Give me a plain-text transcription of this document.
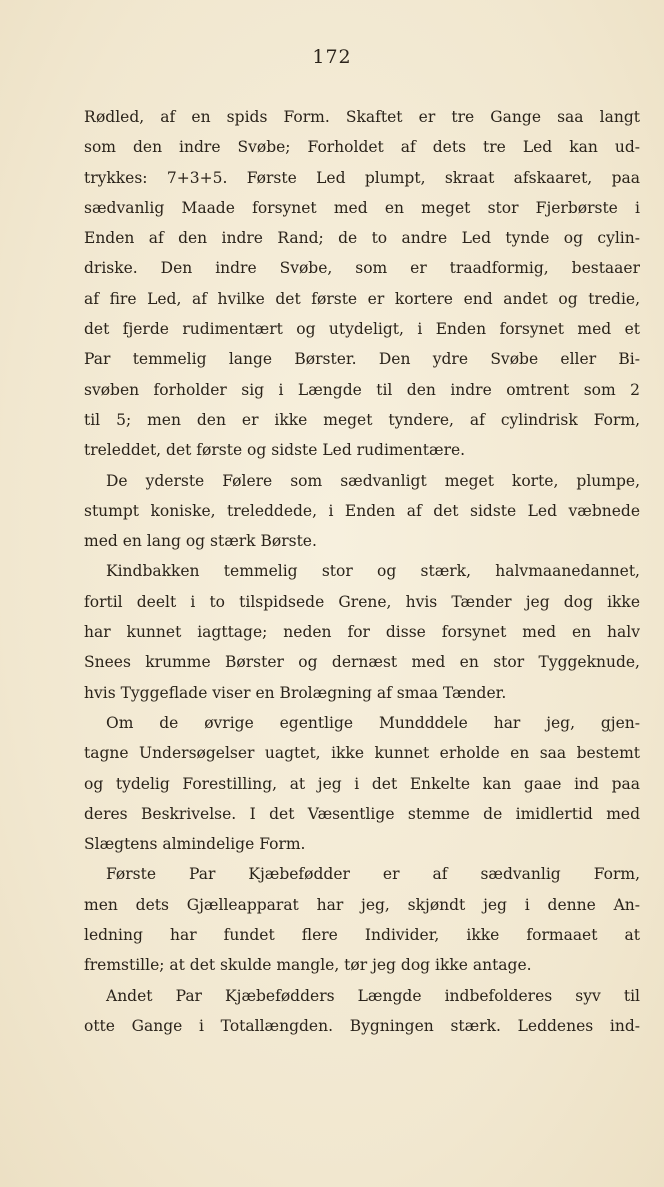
172
Rødled, af en spids Form. Skaftet er tre Gange saa langt
som den indre Svøbe; Forholdet af dets tre Led kan ud-
trykkes: 7+3+5. Første Led plumpt, skraat afskaaret, paa
sædvanlig Maade forsynet med en meget stor Fjerbørste i
Enden af den indre Rand; de to andre Led tynde og cylin-
driske. Den indre Svøbe, som er traadformig, bestaaer
af fire Led, af hvilke det første er kortere end andet og tredie,
det fjerde rudimentært og utydeligt, i Enden forsynet med et
Par temmelig lange Børster. Den ydre Svøbe eller Bi-
svøben forholder sig i Længde til den indre omtrent som 2
til 5; men den er ikke meget tyndere, af cylindrisk Form,
treleddet, det første og sidste Led rudimentære.
De yderste Følere som sædvanligt meget korte, plumpe,
stumpt koniske, treleddede, i Enden af det sidste Led væbnede
med en lang og stærk Børste.
Kindbakken temmelig stor og stærk, halvmaanedannet,
fortil deelt i to tilspidsede Grene, hvis Tænder jeg dog ikke
har kunnet iagttage; neden for disse forsynet med en halv
Snees krumme Børster og dernæst med en stor Tyggeknude,
hvis Tyggeflade viser en Brolægning af smaa Tænder.
Om de øvrige egentlige Mundddele har jeg, gjen-
tagne Undersøgelser uagtet, ikke kunnet erholde en saa bestemt
og tydelig Forestilling, at jeg i det Enkelte kan gaae ind paa
deres Beskrivelse. I det Væsentlige stemme de imidlertid med
Slægtens almindelige Form.
Første Par Kjæbefødder er af sædvanlig Form,
men dets Gjælleapparat har jeg, skjøndt jeg i denne An-
ledning har fundet flere Individer, ikke formaaet at
fremstille; at det skulde mangle, tør jeg dog ikke antage.
Andet Par Kjæbefødders Længde indbefolderes syv til
otte Gange i Totallængden. Bygningen stærk. Leddenes ind-
